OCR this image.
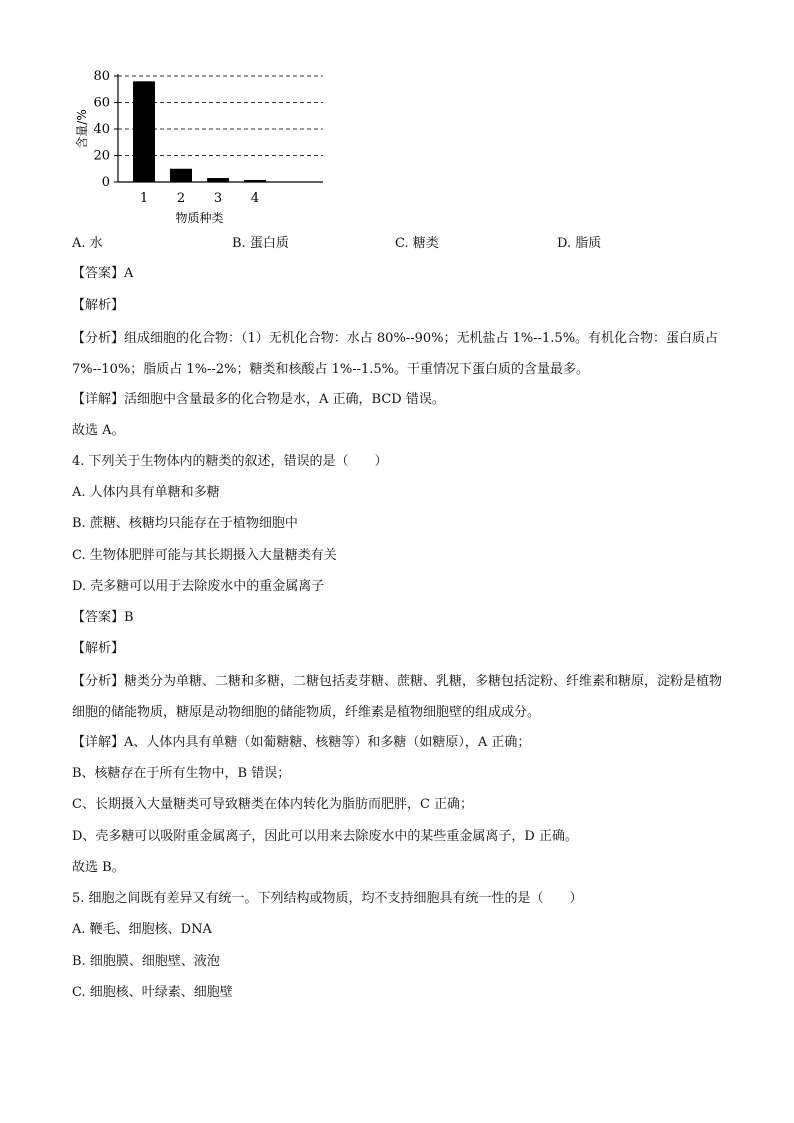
0
20
40
60
80
1 2 3 4
物质种类
含量/%
A. 水	B. 蛋白质	C. 糖类	D. 脂质
【答案】A
【解析】
【分析】组成细胞的化合物：（1）无机化合物：水占 80%--90%；无机盐占 1%--1.5%。有机化合物：蛋白质占 7%--10%；脂质占 1%--2%；糖类和核酸占 1%--1.5%。干重情况下蛋白质的含量最多。
【详解】活细胞中含量最多的化合物是水，A 正确，BCD 错误。
故选 A。
4. 下列关于生物体内的糖类的叙述，错误的是（　　）
A. 人体内具有单糖和多糖
B. 蔗糖、核糖均只能存在于植物细胞中
C. 生物体肥胖可能与其长期摄入大量糖类有关
D. 壳多糖可以用于去除废水中的重金属离子
【答案】B
【解析】
【分析】糖类分为单糖、二糖和多糖，二糖包括麦芽糖、蔗糖、乳糖，多糖包括淀粉、纤维素和糖原，淀粉是植物细胞的储能物质，糖原是动物细胞的储能物质，纤维素是植物细胞壁的组成成分。
【详解】A、人体内具有单糖（如葡糖糖、核糖等）和多糖（如糖原），A 正确；
B、核糖存在于所有生物中，B 错误；
C、长期摄入大量糖类可导致糖类在体内转化为脂肪而肥胖，C 正确；
D、壳多糖可以吸附重金属离子，因此可以用来去除废水中的某些重金属离子，D 正确。
故选 B。
5. 细胞之间既有差异又有统一。下列结构或物质，均不支持细胞具有统一性的是（　　）
A. 鞭毛、细胞核、DNA
B. 细胞膜、细胞壁、液泡
C. 细胞核、叶绿素、细胞壁
